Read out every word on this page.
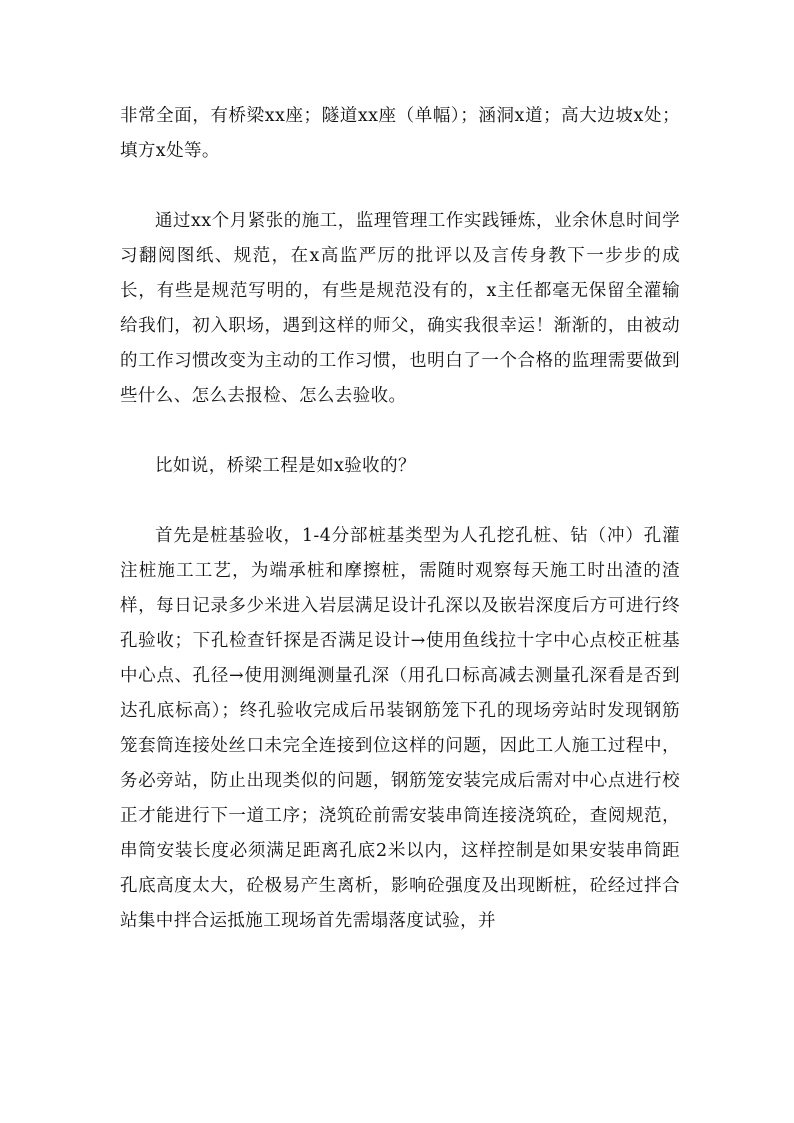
非常全面，有桥梁xx座；隧道xx座（单幅）；涵洞x道；高大边坡x处；填方x处等。

通过xx个月紧张的施工，监理管理工作实践锤炼，业余休息时间学习翻阅图纸、规范，在x高监严厉的批评以及言传身教下一步步的成长，有些是规范写明的，有些是规范没有的，x主任都毫无保留全灌输给我们，初入职场，遇到这样的师父，确实我很幸运！渐渐的，由被动的工作习惯改变为主动的工作习惯，也明白了一个合格的监理需要做到些什么、怎么去报检、怎么去验收。

比如说，桥梁工程是如x验收的？

首先是桩基验收，1-4分部桩基类型为人孔挖孔桩、钻（冲）孔灌注桩施工工艺，为端承桩和摩擦桩，需随时观察每天施工时出渣的渣样，每日记录多少米进入岩层满足设计孔深以及嵌岩深度后方可进行终孔验收；下孔检查钎探是否满足设计→使用鱼线拉十字中心点校正桩基中心点、孔径→使用测绳测量孔深（用孔口标高减去测量孔深看是否到达孔底标高）；终孔验收完成后吊装钢筋笼下孔的现场旁站时发现钢筋笼套筒连接处丝口未完全连接到位这样的问题，因此工人施工过程中，务必旁站，防止出现类似的问题，钢筋笼安装完成后需对中心点进行校正才能进行下一道工序；浇筑砼前需安装串筒连接浇筑砼，查阅规范，串筒安装长度必须满足距离孔底2米以内，这样控制是如果安装串筒距孔底高度太大，砼极易产生离析，影响砼强度及出现断桩，砼经过拌合站集中拌合运抵施工现场首先需塌落度试验，并
